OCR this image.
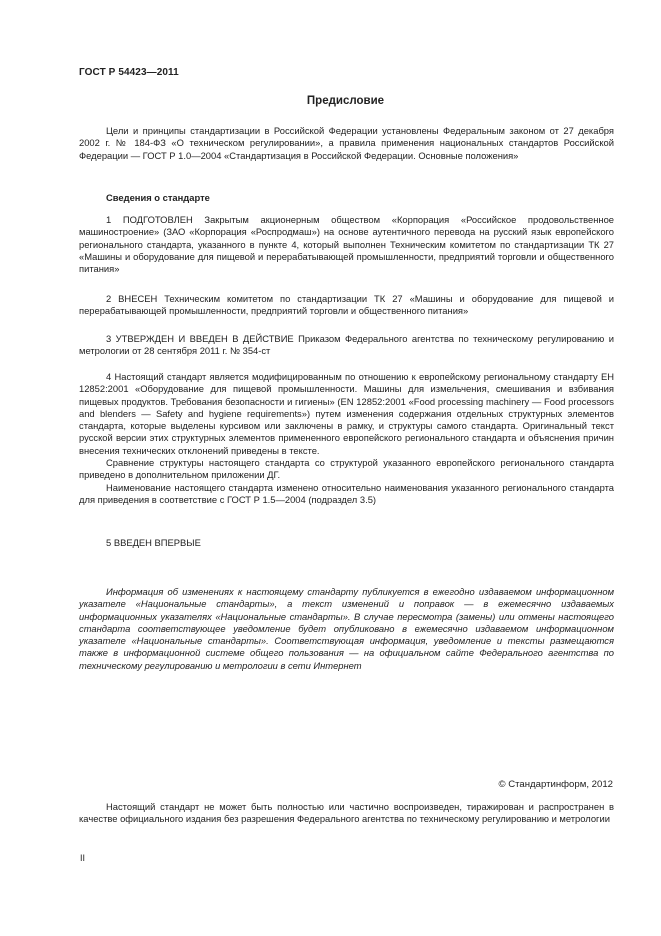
ГОСТ Р 54423—2011
Предисловие

Цели и принципы стандартизации в Российской Федерации установлены Федеральным законом от 27 декабря 2002 г. № 184-ФЗ «О техническом регулировании», а правила применения национальных стандартов Российской Федерации — ГОСТ Р 1.0—2004 «Стандартизация в Российской Федерации. Основные положения»

Сведения о стандарте

1 ПОДГОТОВЛЕН Закрытым акционерным обществом «Корпорация «Российское продовольственное машиностроение» (ЗАО «Корпорация «Роспродмаш») на основе аутентичного перевода на русский язык европейского регионального стандарта, указанного в пункте 4, который выполнен Техническим комитетом по стандартизации ТК 27 «Машины и оборудование для пищевой и перерабатывающей промышленности, предприятий торговли и общественного питания»

2 ВНЕСЕН Техническим комитетом по стандартизации ТК 27 «Машины и оборудование для пищевой и перерабатывающей промышленности, предприятий торговли и общественного питания»

3 УТВЕРЖДЕН И ВВЕДЕН В ДЕЙСТВИЕ Приказом Федерального агентства по техническому регулированию и метрологии от 28 сентября 2011 г. № 354-ст

4 Настоящий стандарт является модифицированным по отношению к европейскому региональному стандарту ЕН 12852:2001 «Оборудование для пищевой промышленности. Машины для измельчения, смешивания и взбивания пищевых продуктов. Требования безопасности и гигиены» (EN 12852:2001 «Food processing machinery — Food processors and blenders — Safety and hygiene requirements») путем изменения содержания отдельных структурных элементов стандарта, которые выделены курсивом или заключены в рамку, и структуры самого стандарта. Оригинальный текст русской версии этих структурных элементов примененного европейского регионального стандарта и объяснения причин внесения технических отклонений приведены в тексте.

Сравнение структуры настоящего стандарта со структурой указанного европейского регионального стандарта приведено в дополнительном приложении ДГ.

Наименование настоящего стандарта изменено относительно наименования указанного регионального стандарта для приведения в соответствие с ГОСТ Р 1.5—2004 (подраздел 3.5)

5 ВВЕДЕН ВПЕРВЫЕ

Информация об изменениях к настоящему стандарту публикуется в ежегодно издаваемом информационном указателе «Национальные стандарты», а текст изменений и поправок — в ежемесячно издаваемых информационных указателях «Национальные стандарты». В случае пересмотра (замены) или отмены настоящего стандарта соответствующее уведомление будет опубликовано в ежемесячно издаваемом информационном указателе «Национальные стандарты». Соответствующая информация, уведомление и тексты размещаются также в информационной системе общего пользования — на официальном сайте Федерального агентства по техническому регулированию и метрологии в сети Интернет

© Стандартинформ, 2012

Настоящий стандарт не может быть полностью или частично воспроизведен, тиражирован и распространен в качестве официального издания без разрешения Федерального агентства по техническому регулированию и метрологии

II
